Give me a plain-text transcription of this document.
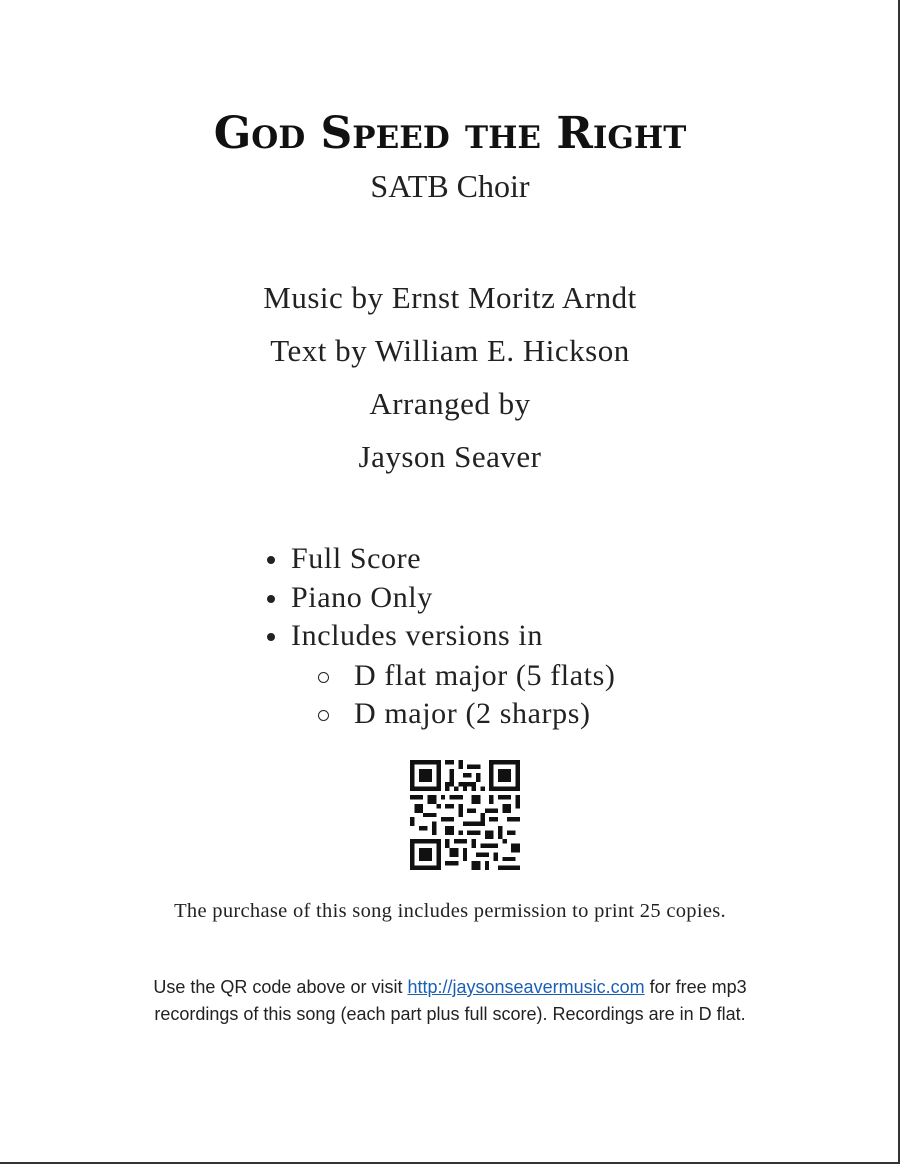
God Speed the Right
SATB Choir
Music by Ernst Moritz Arndt
Text by William E. Hickson
Arranged by
Jayson Seaver
Full Score
Piano Only
Includes versions in
D flat major (5 flats)
D major (2 sharps)
The purchase of this song includes permission to print 25 copies.
Use the QR code above or visit http://jaysonseavermusic.com for free mp3
recordings of this song (each part plus full score). Recordings are in D flat.
